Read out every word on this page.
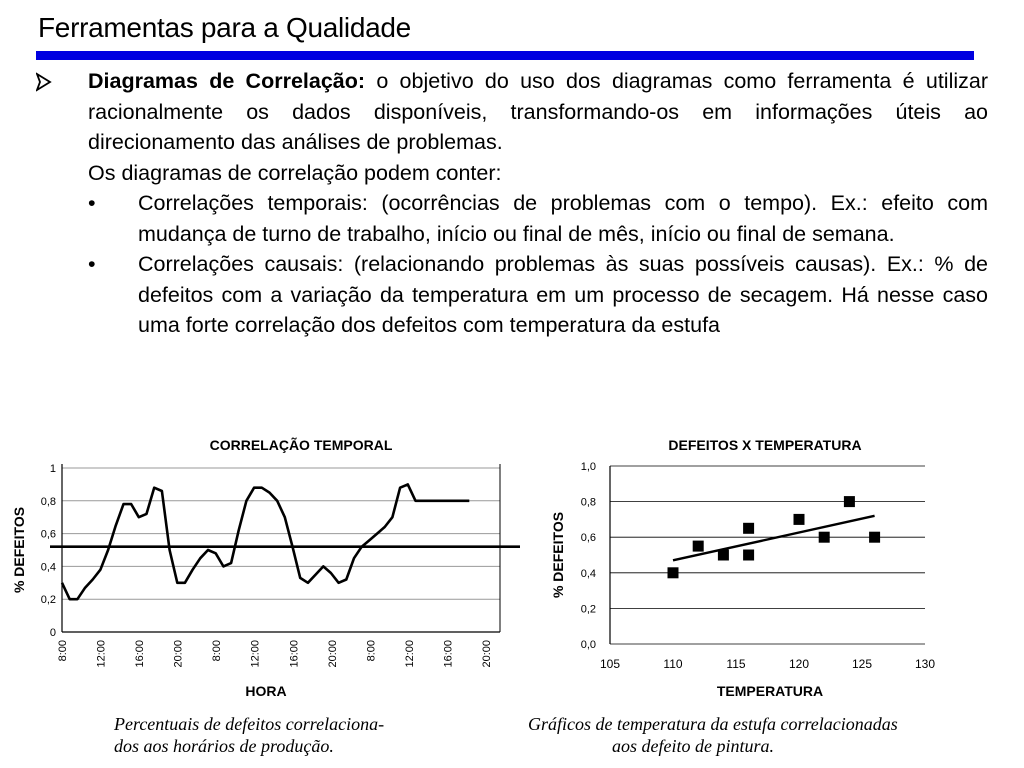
Ferramentas para a Qualidade
Diagramas de Correlação: o objetivo do uso dos diagramas como ferramenta é utilizar racionalmente os dados disponíveis, transformando-os em informações úteis ao direcionamento das análises de problemas.
Os diagramas de correlação podem conter:
• Correlações temporais: (ocorrências de problemas com o tempo). Ex.: efeito com mudança de turno de trabalho, início ou final de mês, início ou final de semana.
• Correlações causais: (relacionando problemas às suas possíveis causas). Ex.: % de defeitos com a variação da temperatura em um processo de secagem. Há nesse caso uma forte correlação dos defeitos com temperatura da estufa
CORRELAÇÃO TEMPORAL
0
0,2
0,4
0,6
0,8
1
% DEFEITOS
8:00 12:00 16:00 20:00 8:00 12:00 16:00 20:00 8:00 12:00 16:00 20:00
HORA
DEFEITOS X TEMPERATURA
0,0
0,2
0,4
0,6
0,8
1,0
105	110	115	120	125	130
% DEFEITOS
TEMPERATURA
Percentuais de defeitos correlaciona-
dos aos horários de produção.
Gráficos de temperatura da estufa correlacionadas
aos defeito de pintura.
